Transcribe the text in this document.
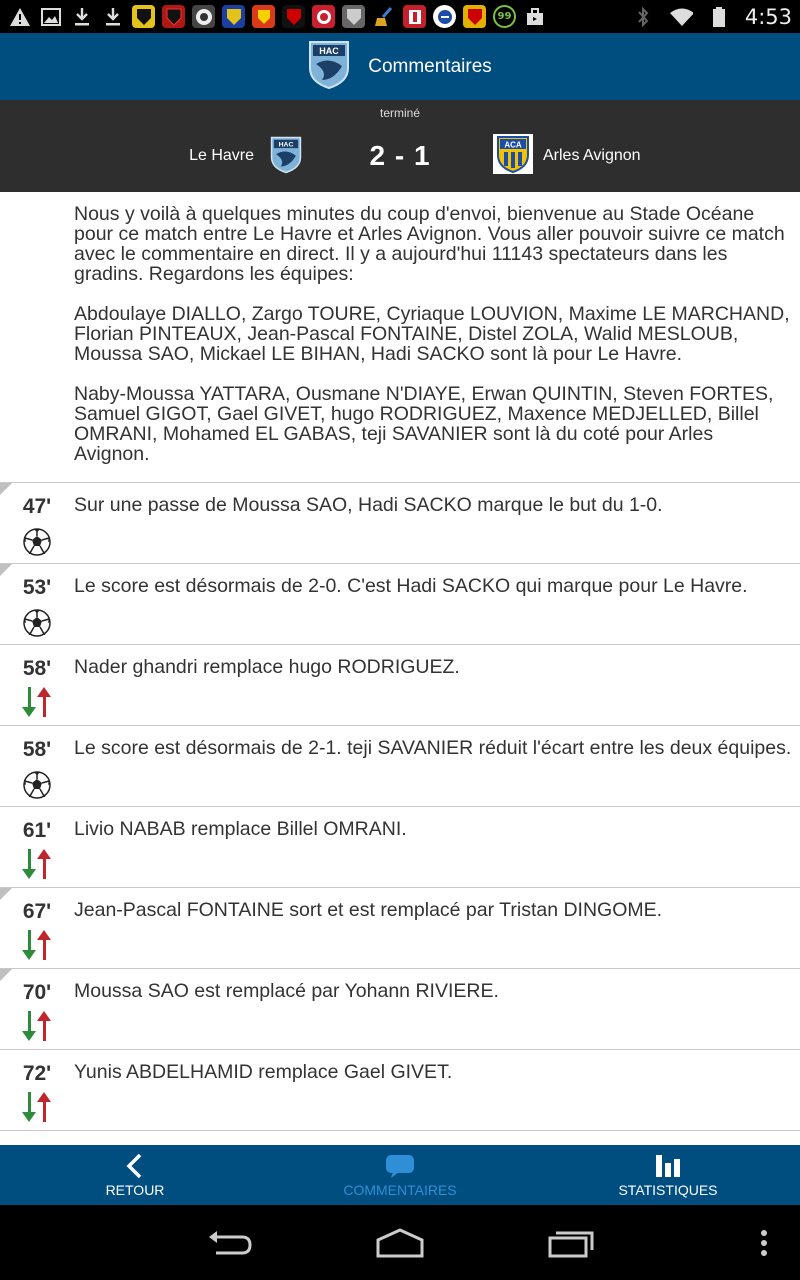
99	4:53
HAC
Commentaires
terminé
Le Havre
HAC	2 - 1	ACA
Arles Avignon

Nous y voilà à quelques minutes du coup d'envoi, bienvenue au Stade Océane pour ce match entre Le Havre et Arles Avignon. Vous aller pouvoir suivre ce match avec le commentaire en direct. Il y a aujourd'hui 11143 spectateurs dans les gradins. Regardons les équipes:

Abdoulaye DIALLO, Zargo TOURE, Cyriaque LOUVION, Maxime LE MARCHAND, Florian PINTEAUX, Jean-Pascal FONTAINE, Distel ZOLA, Walid MESLOUB, Moussa SAO, Mickael LE BIHAN, Hadi SACKO sont là pour Le Havre.

Naby-Moussa YATTARA, Ousmane N'DIAYE, Erwan QUINTIN, Steven FORTES, Samuel GIGOT, Gael GIVET, hugo RODRIGUEZ, Maxence MEDJELLED, Billel OMRANI, Mohamed EL GABAS, teji SAVANIER sont là du coté pour Arles Avignon.

47'	Sur une passe de Moussa SAO, Hadi SACKO marque le but du 1-0.
53'	Le score est désormais de 2-0. C'est Hadi SACKO qui marque pour Le Havre.
58'	Nader ghandri remplace hugo RODRIGUEZ.
58'	Le score est désormais de 2-1. teji SAVANIER réduit l'écart entre les deux équipes.
61'	Livio NABAB remplace Billel OMRANI.
67'	Jean-Pascal FONTAINE sort et est remplacé par Tristan DINGOME.
70'	Moussa SAO est remplacé par Yohann RIVIERE.
72'	Yunis ABDELHAMID remplace Gael GIVET.
RETOUR	COMMENTAIRES	STATISTIQUES
